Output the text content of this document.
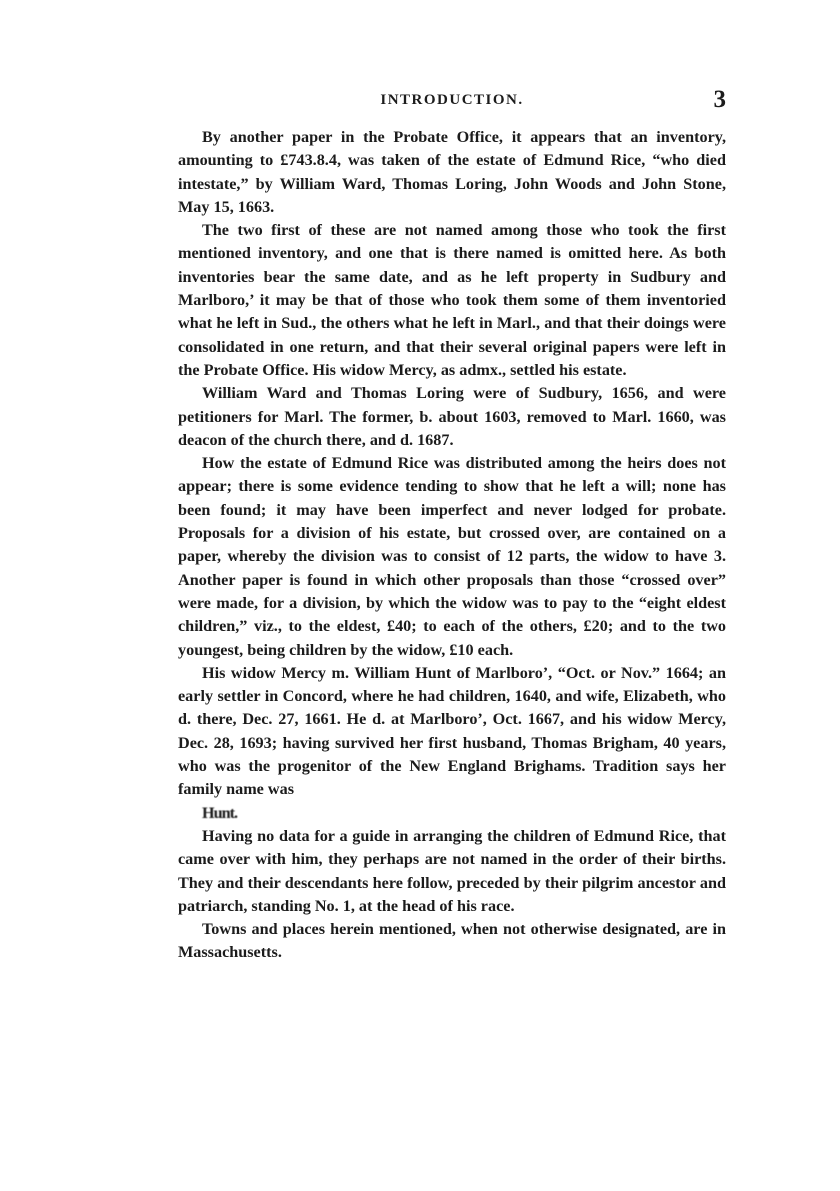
INTRODUCTION.	3

By another paper in the Probate Office, it appears that an inventory, amounting to £743.8.4, was taken of the estate of Edmund Rice, “who died intestate,” by William Ward, Thomas Loring, John Woods and John Stone, May 15, 1663.

The two first of these are not named among those who took the first mentioned inventory, and one that is there named is omitted here. As both inventories bear the same date, and as he left property in Sudbury and Marlboro,’ it may be that of those who took them some of them inventoried what he left in Sud., the others what he left in Marl., and that their doings were consolidated in one return, and that their several original papers were left in the Probate Office. His widow Mercy, as admx., settled his estate.

William Ward and Thomas Loring were of Sudbury, 1656, and were petitioners for Marl. The former, b. about 1603, removed to Marl. 1660, was deacon of the church there, and d. 1687.

How the estate of Edmund Rice was distributed among the heirs does not appear; there is some evidence tending to show that he left a will; none has been found; it may have been imperfect and never lodged for probate. Proposals for a division of his estate, but crossed over, are contained on a paper, whereby the division was to consist of 12 parts, the widow to have 3. Another paper is found in which other proposals than those “crossed over” were made, for a division, by which the widow was to pay to the “eight eldest children,” viz., to the eldest, £40; to each of the others, £20; and to the two youngest, being children by the widow, £10 each.

His widow Mercy m. William Hunt of Marlboro’, “Oct. or Nov.” 1664; an early settler in Concord, where he had children, 1640, and wife, Elizabeth, who d. there, Dec. 27, 1661. He d. at Marlboro’, Oct. 1667, and his widow Mercy, Dec. 28, 1693; having survived her first husband, Thomas Brigham, 40 years, who was the progenitor of the New England Brighams. Tradition says her family name was
Hunt.

Having no data for a guide in arranging the children of Edmund Rice, that came over with him, they perhaps are not named in the order of their births. They and their descendants here follow, preceded by their pilgrim ancestor and patriarch, standing No. 1, at the head of his race.

Towns and places herein mentioned, when not otherwise designated, are in Massachusetts.
